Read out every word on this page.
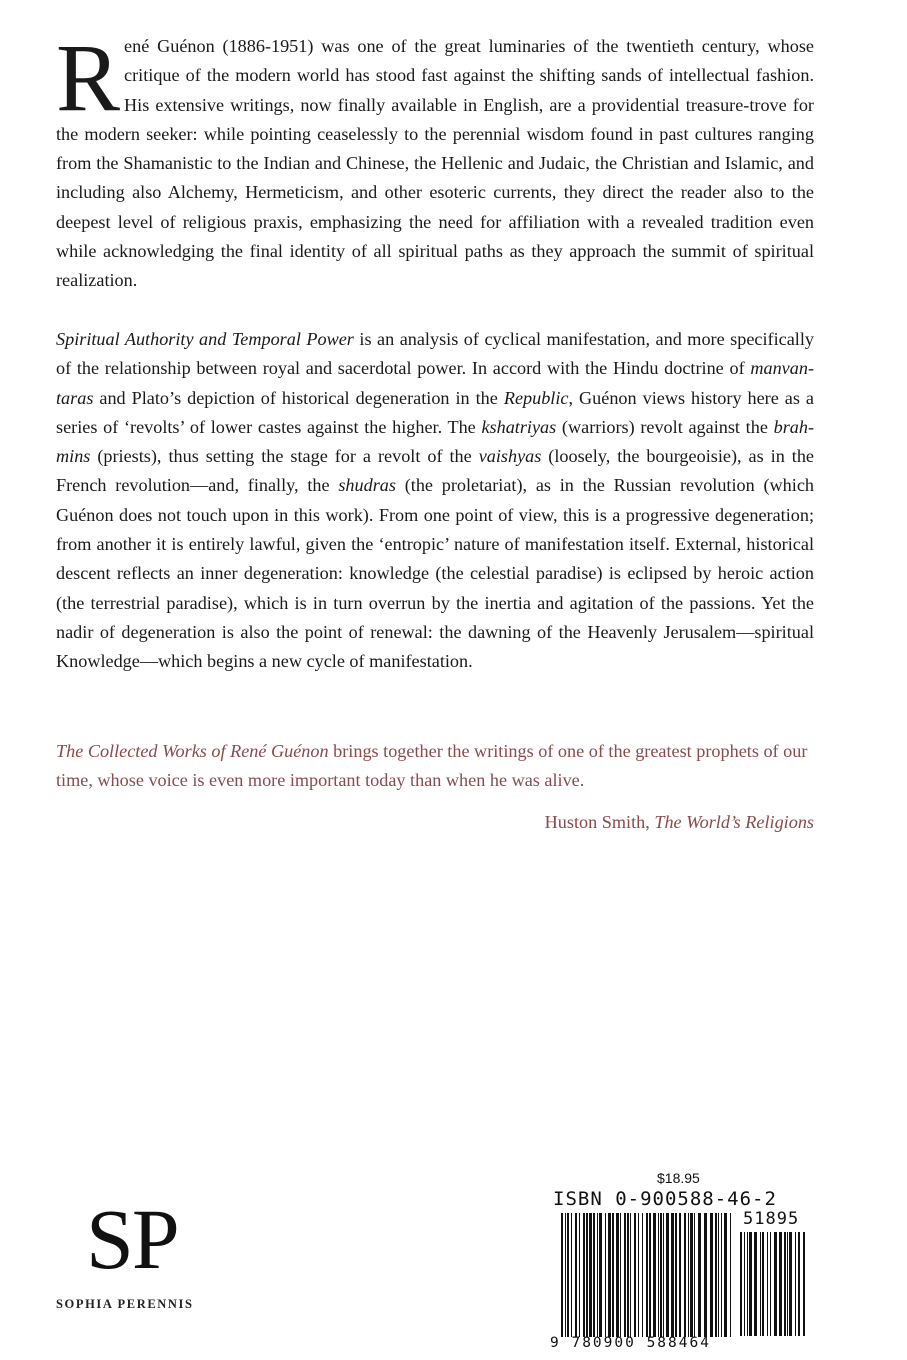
René Guénon (1886-1951) was one of the great luminaries of the twentieth century, whose critique of the modern world has stood fast against the shifting sands of intellectual fashion. His extensive writings, now finally available in English, are a providential treasure-trove for the modern seeker: while pointing ceaselessly to the perennial wisdom found in past cultures ranging from the Shamanistic to the Indian and Chinese, the Hellenic and Judaic, the Christian and Islamic, and including also Alchemy, Hermeticism, and other esoteric currents, they direct the reader also to the deepest level of religious praxis, emphasizing the need for affiliation with a revealed tradition even while acknowledging the final identity of all spiritual paths as they approach the summit of spiritual realization.

Spiritual Authority and Temporal Power is an analysis of cyclical manifestation, and more specifically of the relationship between royal and sacerdotal power. In accord with the Hindu doctrine of manvantaras and Plato’s depiction of historical degeneration in the Republic, Guénon views history here as a series of ‘revolts’ of lower castes against the higher. The kshatriyas (warriors) revolt against the brahmins (priests), thus setting the stage for a revolt of the vaishyas (loosely, the bourgeoisie), as in the French revolution—and, finally, the shudras (the proletariat), as in the Russian revolution (which Guénon does not touch upon in this work). From one point of view, this is a progressive degeneration; from another it is entirely lawful, given the ‘entropic’ nature of manifestation itself. External, historical descent reflects an inner degeneration: knowledge (the celestial paradise) is eclipsed by heroic action (the terrestrial paradise), which is in turn overrun by the inertia and agitation of the passions. Yet the nadir of degeneration is also the point of renewal: the dawning of the Heavenly Jerusalem—spiritual Knowledge—which begins a new cycle of manifestation.

The Collected Works of René Guénon brings together the writings of one of the greatest prophets of our time, whose voice is even more important today than when he was alive.

Huston Smith, The World’s Religions

SP
SOPHIA PERENNIS
$18.95
ISBN 0-900588-46-2
51895
9 780900 588464
